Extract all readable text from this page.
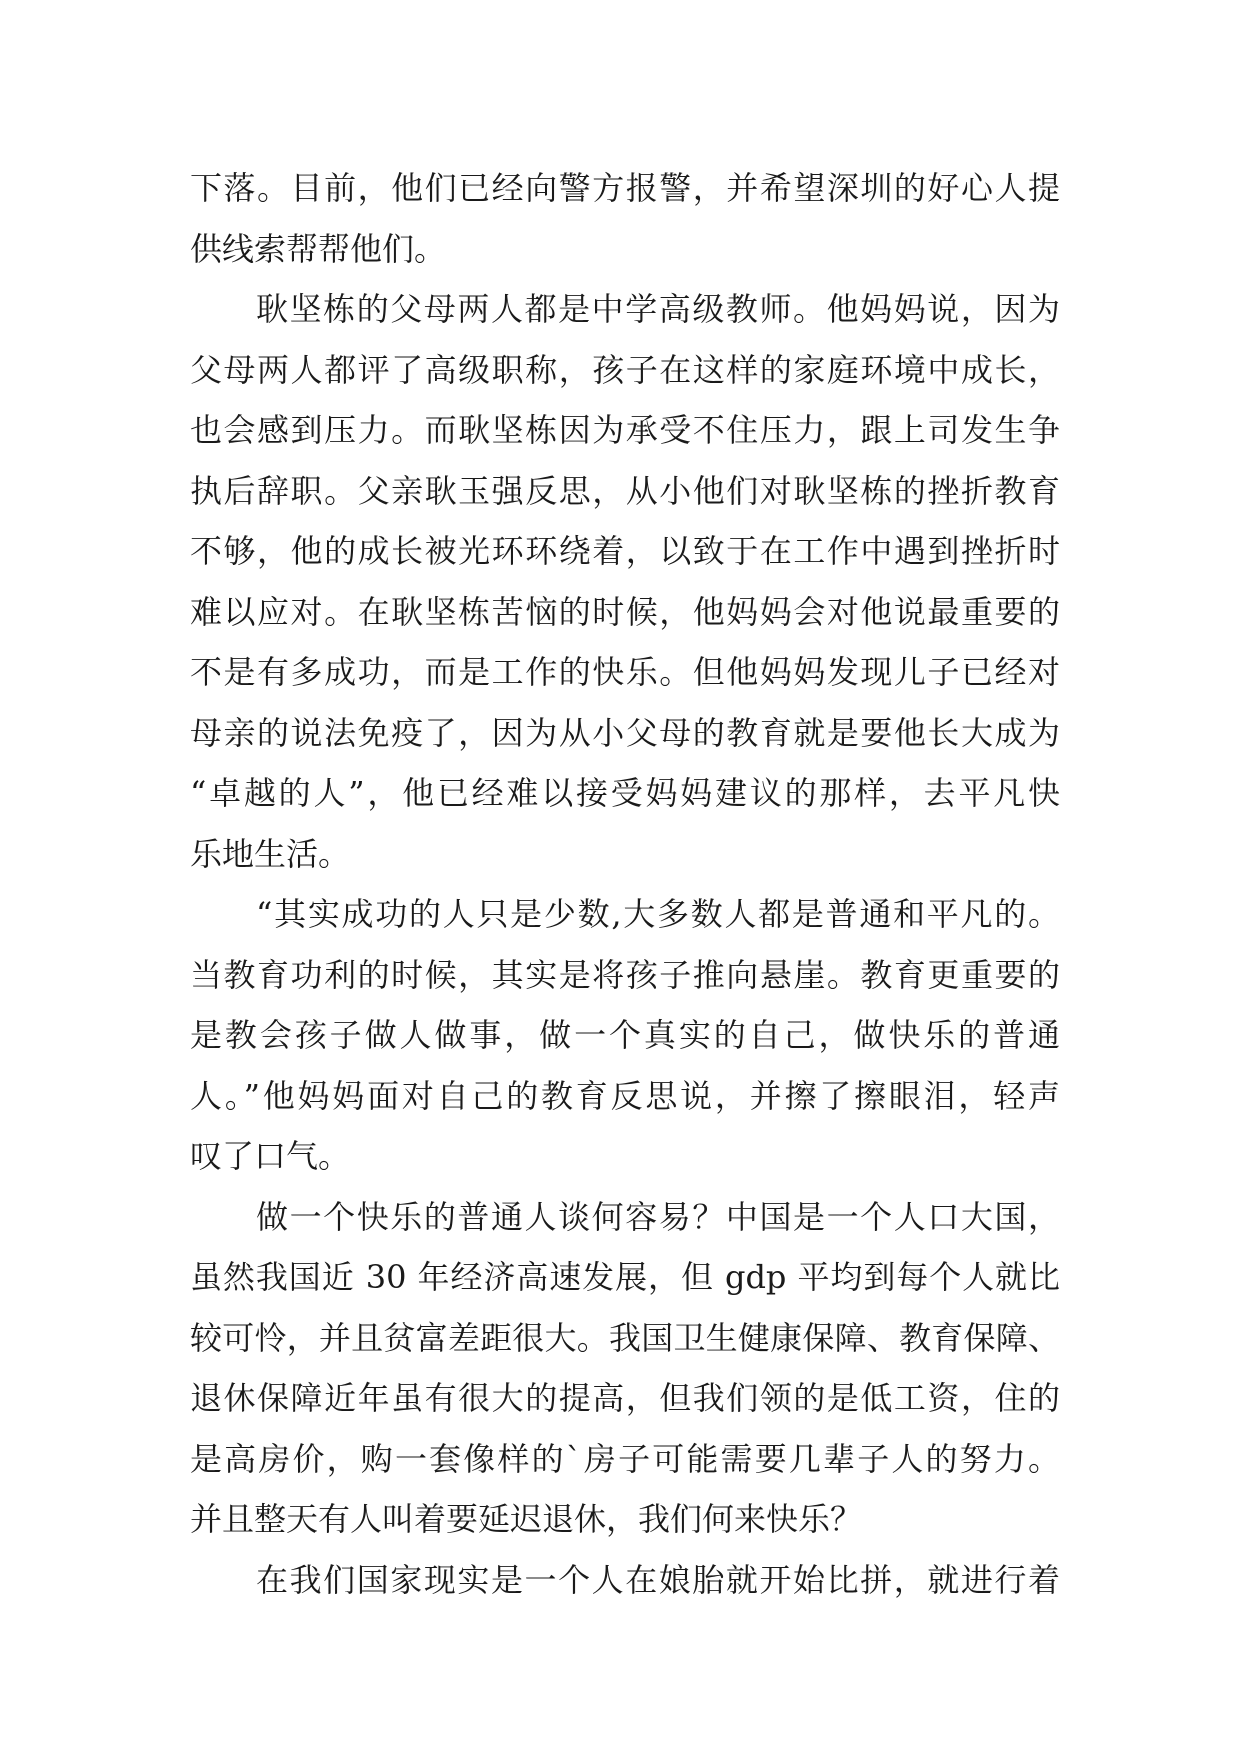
下落。目前，他们已经向警方报警，并希望深圳的好心人提
供线索帮帮他们。

耿坚栋的父母两人都是中学高级教师。他妈妈说，因为
父母两人都评了高级职称，孩子在这样的家庭环境中成长，
也会感到压力。而耿坚栋因为承受不住压力，跟上司发生争
执后辞职。父亲耿玉强反思，从小他们对耿坚栋的挫折教育
不够，他的成长被光环环绕着，以致于在工作中遇到挫折时
难以应对。在耿坚栋苦恼的时候，他妈妈会对他说最重要的
不是有多成功，而是工作的快乐。但他妈妈发现儿子已经对
母亲的说法免疫了，因为从小父母的教育就是要他长大成为
“卓越的人”，他已经难以接受妈妈建议的那样，去平凡快
乐地生活。

“其实成功的人只是少数,大多数人都是普通和平凡的。
当教育功利的时候，其实是将孩子推向悬崖。教育更重要的
是教会孩子做人做事，做一个真实的自己，做快乐的普通
人。”他妈妈面对自己的教育反思说，并擦了擦眼泪，轻声
叹了口气。

做一个快乐的普通人谈何容易？中国是一个人口大国，
虽然我国近 30 年经济高速发展，但 gdp 平均到每个人就比
较可怜，并且贫富差距很大。我国卫生健康保障、教育保障、
退休保障近年虽有很大的提高，但我们领的是低工资，住的
是高房价，购一套像样的`房子可能需要几辈子人的努力。
并且整天有人叫着要延迟退休，我们何来快乐？

在我们国家现实是一个人在娘胎就开始比拼，就进行着
